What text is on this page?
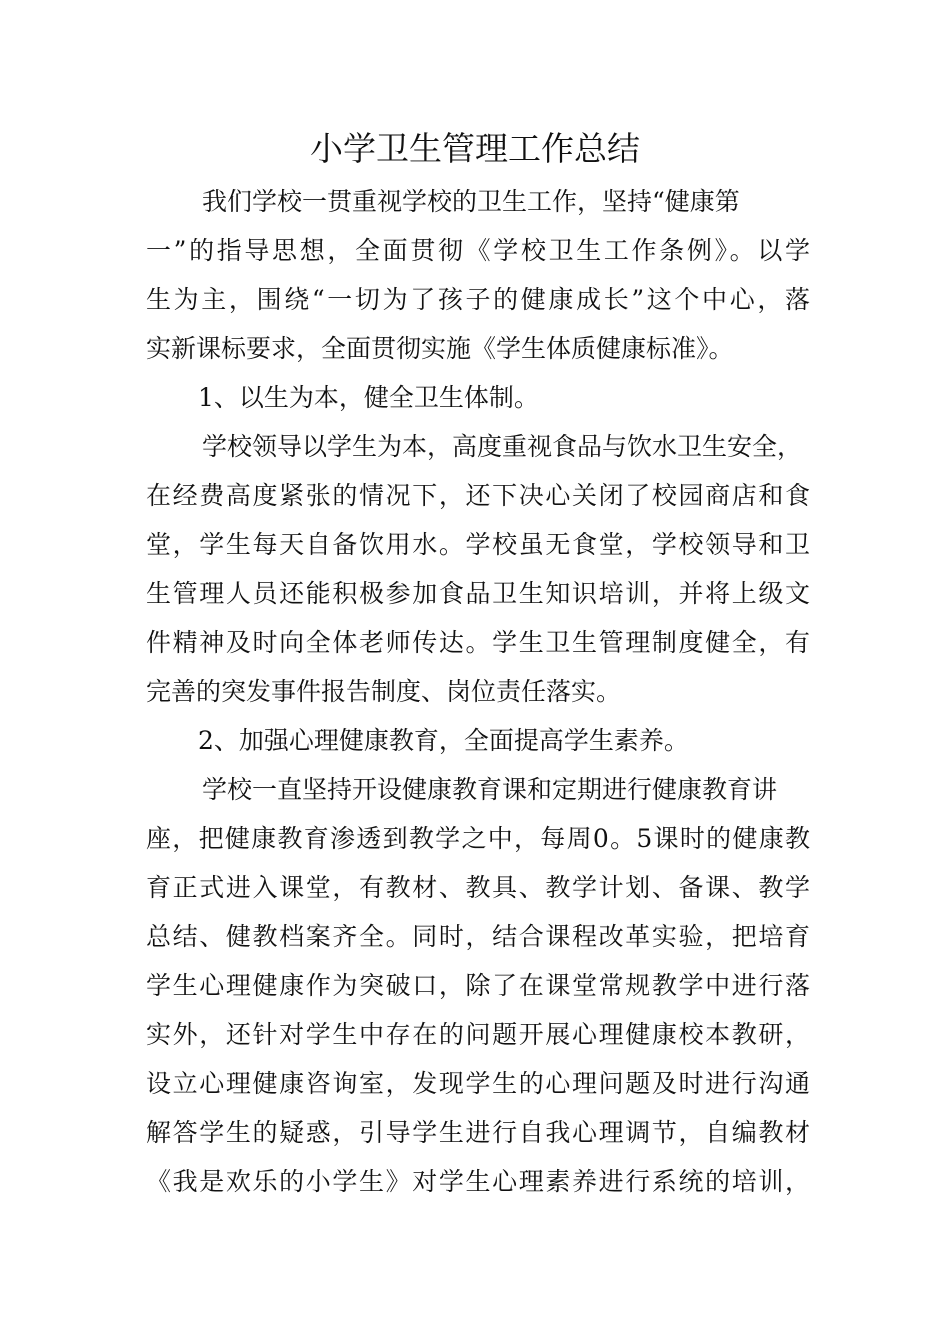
小学卫生管理工作总结
我们学校一贯重视学校的卫生工作，坚持“健康第
一”的指导思想，全面贯彻《学校卫生工作条例》。以学
生为主，围绕“一切为了孩子的健康成长”这个中心，落
实新课标要求，全面贯彻实施《学生体质健康标准》。
1、以生为本，健全卫生体制。
学校领导以学生为本，高度重视食品与饮水卫生安全，
在经费高度紧张的情况下，还下决心关闭了校园商店和食
堂，学生每天自备饮用水。学校虽无食堂，学校领导和卫
生管理人员还能积极参加食品卫生知识培训，并将上级文
件精神及时向全体老师传达。学生卫生管理制度健全，有
完善的突发事件报告制度、岗位责任落实。
2、加强心理健康教育，全面提高学生素养。
学校一直坚持开设健康教育课和定期进行健康教育讲
座，把健康教育渗透到教学之中，每周0。5课时的健康教
育正式进入课堂，有教材、教具、教学计划、备课、教学
总结、健教档案齐全。同时，结合课程改革实验，把培育
学生心理健康作为突破口，除了在课堂常规教学中进行落
实外，还针对学生中存在的问题开展心理健康校本教研，
设立心理健康咨询室，发现学生的心理问题及时进行沟通
解答学生的疑惑，引导学生进行自我心理调节，自编教材
《我是欢乐的小学生》对学生心理素养进行系统的培训，
